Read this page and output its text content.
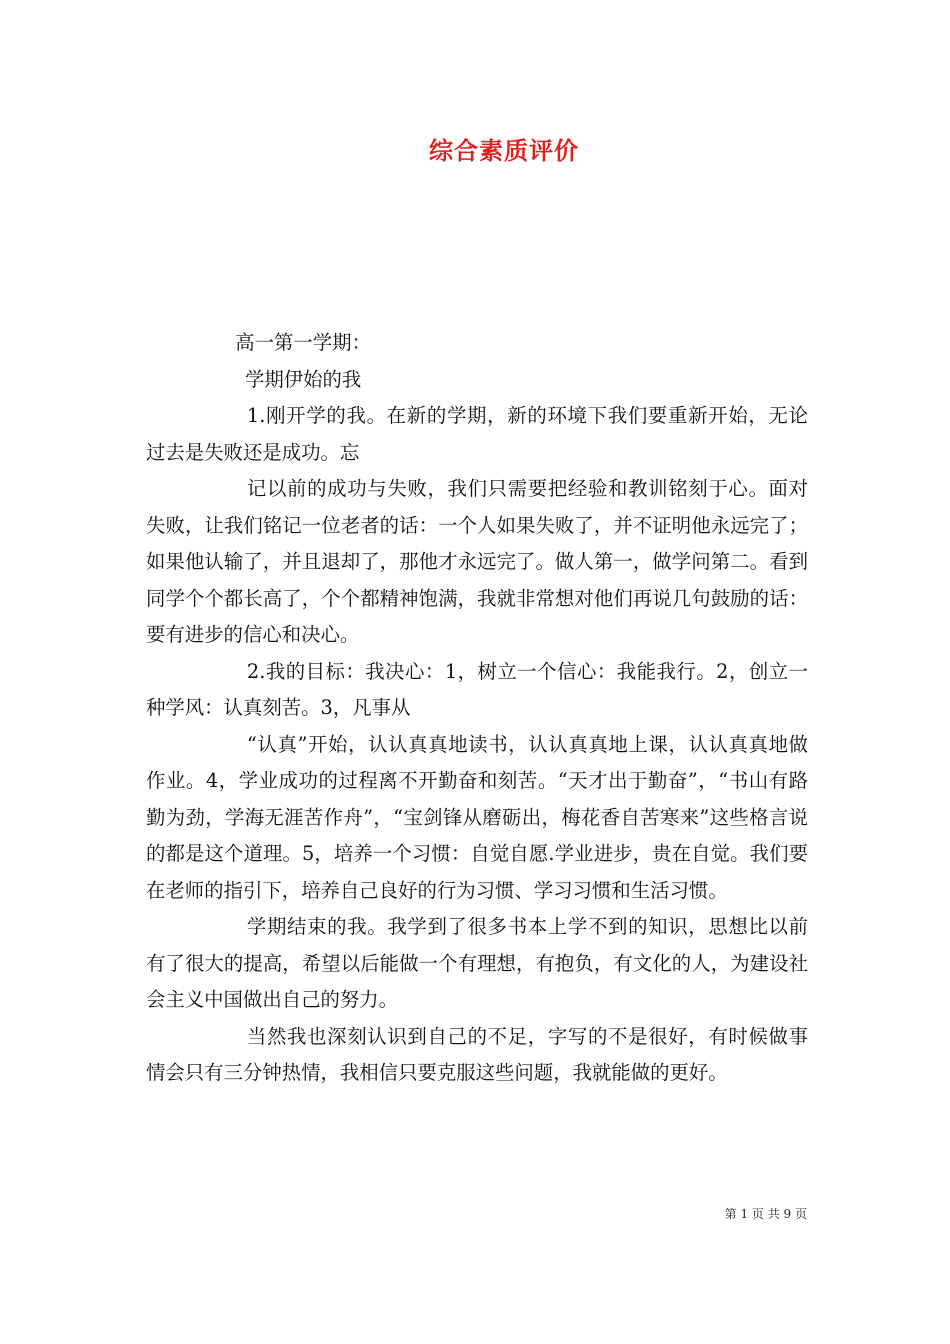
综合素质评价

高一第一学期：

学期伊始的我

1.刚开学的我。在新的学期，新的环境下我们要重新开始，无论过去是失败还是成功。忘

记以前的成功与失败，我们只需要把经验和教训铭刻于心。面对失败，让我们铭记一位老者的话：一个人如果失败了，并不证明他永远完了；如果他认输了，并且退却了，那他才永远完了。做人第一，做学问第二。看到同学个个都长高了，个个都精神饱满，我就非常想对他们再说几句鼓励的话：要有进步的信心和决心。

2.我的目标：我决心：1，树立一个信心：我能我行。2，创立一种学风：认真刻苦。3，凡事从

“认真”开始，认认真真地读书，认认真真地上课，认认真真地做作业。4，学业成功的过程离不开勤奋和刻苦。“天才出于勤奋”，“书山有路勤为劲，学海无涯苦作舟”，“宝剑锋从磨砺出，梅花香自苦寒来”这些格言说的都是这个道理。5，培养一个习惯：自觉自愿.学业进步，贵在自觉。我们要在老师的指引下，培养自己良好的行为习惯、学习习惯和生活习惯。

学期结束的我。我学到了很多书本上学不到的知识，思想比以前有了很大的提高，希望以后能做一个有理想，有抱负，有文化的人，为建设社会主义中国做出自己的努力。

当然我也深刻认识到自己的不足，字写的不是很好，有时候做事情会只有三分钟热情，我相信只要克服这些问题，我就能做的更好。

第 1 页 共 9 页
